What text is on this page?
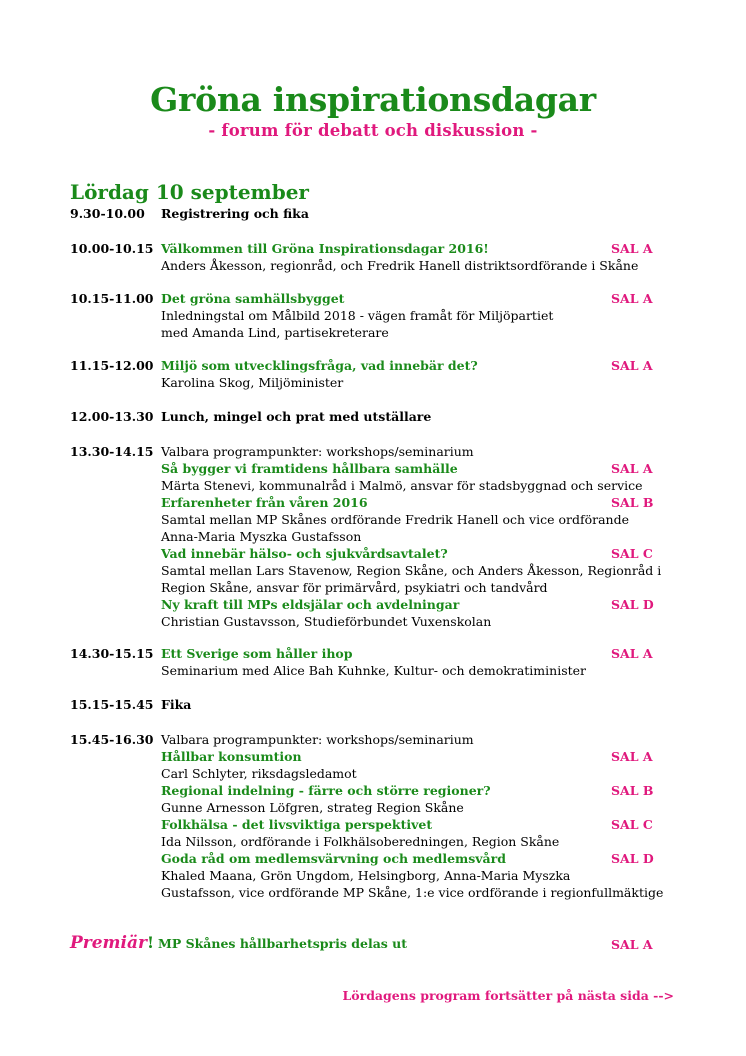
Gröna inspirationsdagar
- forum för debatt och diskussion -
Lördag 10 september
9.30-10.00	Registrering och fika
10.00-10.15 Välkommen till Gröna Inspirationsdagar 2016!	SAL A
Anders Åkesson, regionråd, och Fredrik Hanell distriktsordförande i Skåne
10.15-11.00 Det gröna samhällsbygget	SAL A
Inledningstal om Målbild 2018 - vägen framåt för Miljöpartiet
med Amanda Lind, partisekreterare
11.15-12.00 Miljö som utvecklingsfråga, vad innebär det?	SAL A
Karolina Skog, Miljöminister
12.00-13.30 Lunch, mingel och prat med utställare
13.30-14.15 Valbara programpunkter: workshops/seminarium
Så bygger vi framtidens hållbara samhälle	SAL A
Märta Stenevi, kommunalråd i Malmö, ansvar för stadsbyggnad och service
Erfarenheter från våren 2016	SAL B
Samtal mellan MP Skånes ordförande Fredrik Hanell och vice ordförande
Anna-Maria Myszka Gustafsson
Vad innebär hälso- och sjukvårdsavtalet?	SAL C
Samtal mellan Lars Stavenow, Region Skåne, och Anders Åkesson, Regionråd i
Region Skåne, ansvar för primärvård, psykiatri och tandvård
Ny kraft till MPs eldsjälar och avdelningar	SAL D
Christian Gustavsson, Studieförbundet Vuxenskolan
14.30-15.15 Ett Sverige som håller ihop	SAL A
Seminarium med Alice Bah Kuhnke, Kultur- och demokratiminister
15.15-15.45 Fika
15.45-16.30 Valbara programpunkter: workshops/seminarium
Hållbar konsumtion	SAL A
Carl Schlyter, riksdagsledamot
Regional indelning - färre och större regioner?	SAL B
Gunne Arnesson Löfgren, strateg Region Skåne
Folkhälsa - det livsviktiga perspektivet	SAL C
Ida Nilsson, ordförande i Folkhälsoberedningen, Region Skåne
Goda råd om medlemsvärvning och medlemsvård	SAL D
Khaled Maana, Grön Ungdom, Helsingborg, Anna-Maria Myszka
Gustafsson, vice ordförande MP Skåne, 1:e vice ordförande i regionfullmäktige
Premiär! MP Skånes hållbarhetspris delas ut	SAL A
Lördagens program fortsätter på nästa sida -->
